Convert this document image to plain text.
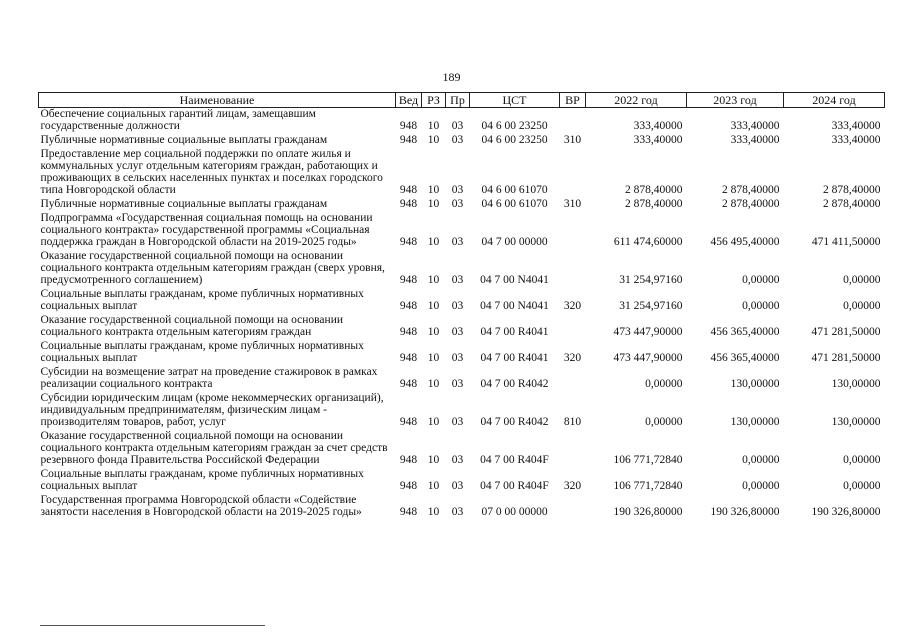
189
Наименование	Вед	РЗ	Пр	ЦСТ	ВР	2022 год	2023 год	2024 год
Обеспечение социальных гарантий лицам, замещавшим государственные должности	948	10	03	04 6 00 23250		333,40000	333,40000	333,40000
Публичные нормативные социальные выплаты гражданам	948	10	03	04 6 00 23250	310	333,40000	333,40000	333,40000
Предоставление мер социальной поддержки по оплате жилья и коммунальных услуг отдельным категориям граждан, работающих и проживающих в сельских населенных пунктах и поселках городского типа Новгородской области	948	10	03	04 6 00 61070		2 878,40000	2 878,40000	2 878,40000
Публичные нормативные социальные выплаты гражданам	948	10	03	04 6 00 61070	310	2 878,40000	2 878,40000	2 878,40000
Подпрограмма «Государственная социальная помощь на основании социального контракта» государственной программы «Социальная поддержка граждан в Новгородской области на 2019-2025 годы»	948	10	03	04 7 00 00000		611 474,60000	456 495,40000	471 411,50000
Оказание государственной социальной помощи на основании социального контракта отдельным категориям граждан (сверх уровня, предусмотренного соглашением)	948	10	03	04 7 00 N4041		31 254,97160	0,00000	0,00000
Социальные выплаты гражданам, кроме публичных нормативных социальных выплат	948	10	03	04 7 00 N4041	320	31 254,97160	0,00000	0,00000
Оказание государственной социальной помощи на основании социального контракта отдельным категориям граждан	948	10	03	04 7 00 R4041		473 447,90000	456 365,40000	471 281,50000
Социальные выплаты гражданам, кроме публичных нормативных социальных выплат	948	10	03	04 7 00 R4041	320	473 447,90000	456 365,40000	471 281,50000
Субсидии на возмещение затрат на проведение стажировок в рамках реализации социального контракта	948	10	03	04 7 00 R4042		0,00000	130,00000	130,00000
Субсидии юридическим лицам (кроме некоммерческих организаций), индивидуальным предпринимателям, физическим лицам - производителям товаров, работ, услуг	948	10	03	04 7 00 R4042	810	0,00000	130,00000	130,00000
Оказание государственной социальной помощи на основании социального контракта отдельным категориям граждан за счет средств резервного фонда Правительства Российской Федерации	948	10	03	04 7 00 R404F		106 771,72840	0,00000	0,00000
Социальные выплаты гражданам, кроме публичных нормативных социальных выплат	948	10	03	04 7 00 R404F	320	106 771,72840	0,00000	0,00000
Государственная программа Новгородской области «Содействие занятости населения в Новгородской области на 2019-2025 годы»	948	10	03	07 0 00 00000		190 326,80000	190 326,80000	190 326,80000
